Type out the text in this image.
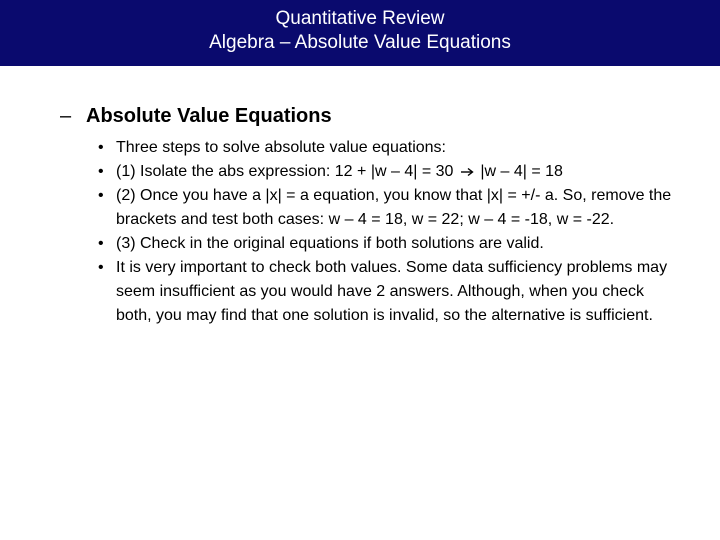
Quantitative Review
Algebra – Absolute Value Equations
– Absolute Value Equations
• Three steps to solve absolute value equations:
• (1) Isolate the abs expression: 12 + |w – 4| = 30 |w – 4| = 18
• (2) Once you have a |x| = a equation, you know that |x| = +/- a. So, remove the brackets and test both cases: w – 4 = 18, w = 22; w – 4 = -18, w = -22.
• (3) Check in the original equations if both solutions are valid.
• It is very important to check both values. Some data sufficiency problems may seem insufficient as you would have 2 answers. Although, when you check both, you may find that one solution is invalid, so the alternative is sufficient.
